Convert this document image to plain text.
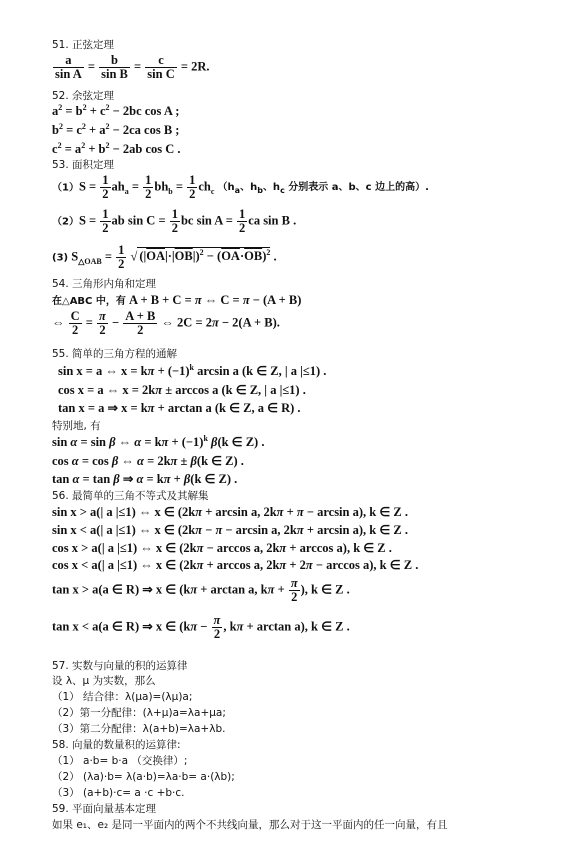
51. 正弦定理
$\frac{a}{\text{sin A}} = \frac{b}{\text{sin B}} = \frac{c}{\text{sin C}} = 2R$.
52. 余弦定理
$a^2 = b^2 + c^2 - 2bc$ cos A ;
$b^2 = c^2 + a^2 - 2ca$ cos B ;
$c^2 = a^2 + b^2 - 2ab$ cos C .
53. 面积定理
$(1)S = \frac{1}{2} ah_a = \frac{1}{2} bh_b = \frac{1}{2} ch_c$ （$h_a$、$h_b$、$h_c$ 分别表示 a、b、c 边上的高）.
$(2)S = \frac{1}{2}$ ab $\sin C = \frac{1}{2}$ bc $\sin A = \frac{1}{2}$ ca sin B .
(3) $S_{\triangle OAB} = \frac{1}{2}$ √ $(|\overline{OA}|\cdot|\overline{OB}|)^2 - (\overline{OA}\cdot\overline{OB})^2$ .
54. 三角形内角和定理
在△ABC 中，有 A + B + C = π ⇔ C = π − (A + B)
⇔ $\frac{C}{2} = \frac{\pi}{2} - \frac{A + B}{2}$ ⇔ 2C = 2π − 2(A + B).
55. 简单的三角方程的通解
sin x = a ⇔ $x = k\pi + (-1)^k$ arcsin a (k ∈ Z, | a |≤1) .
cos x = a ⇔ x = 2kπ ± arccos a (k ∈ Z, | a |≤1) .
tan x = a ⇒ x = kπ + arctan a (k ∈ Z, a ∈ R) .
特别地, 有
sin α = sin β ⇔ $\alpha = k\pi + (-1)^k$ β(k ∈ Z) .
cos α = cos β ⇔ α = 2kπ ± β(k ∈ Z) .
tan α = tan β ⇒ α = kπ + β(k ∈ Z) .
56. 最简单的三角不等式及其解集
sin x > a(| a |≤1) ⇔ x ∈ (2kπ + arcsin a, 2kπ + π − arcsin a), k ∈ Z .
sin x < a(| a |≤1) ⇔ x ∈ (2kπ − π − arcsin a, 2kπ + arcsin a), k ∈ Z .
cos x > a(| a |≤1) ⇔ x ∈ (2kπ − arccos a, 2kπ + arccos a), k ∈ Z .
cos x < a(| a |≤1) ⇔ x ∈ (2kπ + arccos a, 2kπ + 2π − arccos a), k ∈ Z .
tan x > a(a ∈ R) ⇒ x ∈ (kπ + arctan a, $k\pi + \frac{\pi}{2}$ ), k ∈ Z .
tan x < a(a ∈ R) ⇒ x ∈ ($k\pi - \frac{\pi}{2}$ , kπ + arctan a), k ∈ Z .
57. 实数与向量的积的运算律
设 λ、μ 为实数，那么
（1） 结合律：λ(μa)=(λμ)a;
（2）第一分配律：(λ+μ)a=λa+μa;
（3）第二分配律：λ(a+b)=λa+λb.
58. 向量的数量积的运算律:
（1） a·b= b·a （交换律）;
（2） (λa)·b= λ(a·b)=λa·b= a·(λb);
（3） (a+b)·c= a ·c +b·c.
59. 平面向量基本定理
如果 e₁、e₂ 是同一平面内的两个不共线向量，那么对于这一平面内的任一向量，有且
